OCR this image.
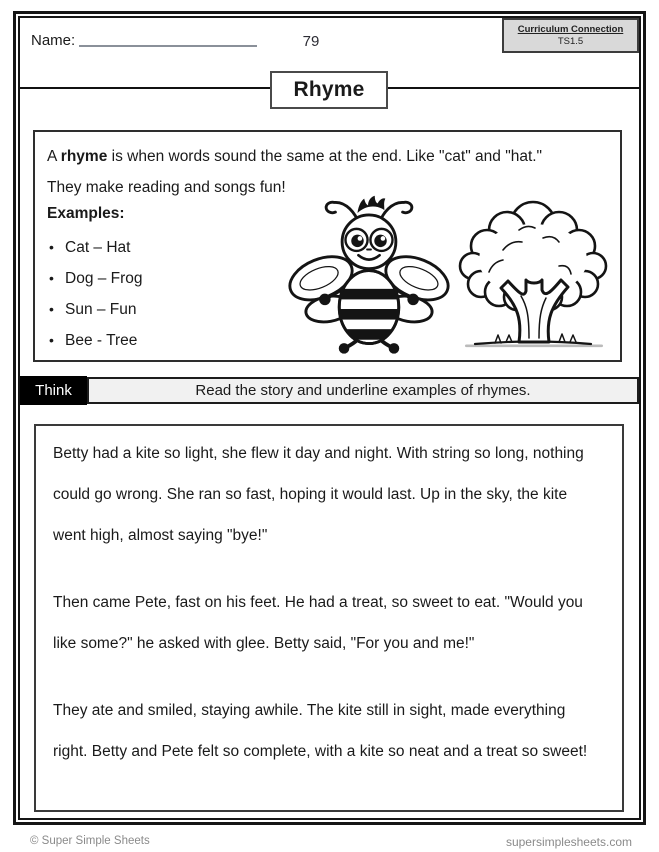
Name:	79
Curriculum Connection
TS1.5
Rhyme
A rhyme is when words sound the same at the end. Like "cat" and "hat."
They make reading and songs fun!
Examples:
• Cat – Hat
• Dog – Frog
• Sun – Fun
• Bee - Tree
Think	Read the story and underline examples of rhymes.

Betty had a kite so light, she flew it day and night. With string so long, nothing could go wrong. She ran so fast, hoping it would last. Up in the sky, the kite went high, almost saying "bye!"

Then came Pete, fast on his feet. He had a treat, so sweet to eat. "Would you like some?" he asked with glee. Betty said, "For you and me!"

They ate and smiled, staying awhile. The kite still in sight, made everything right. Betty and Pete felt so complete, with a kite so neat and a treat so sweet!

© Super Simple Sheets	supersimplesheets.com
